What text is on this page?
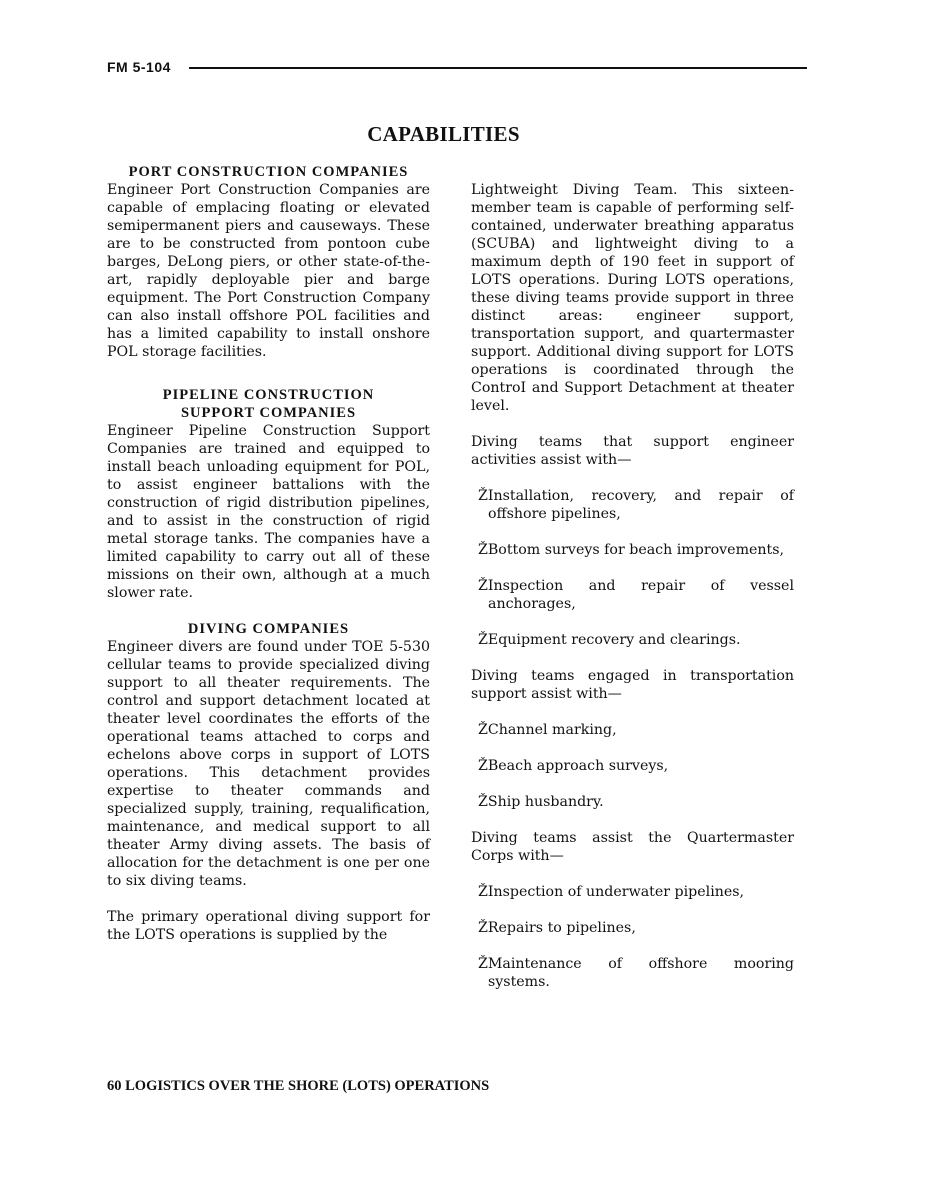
FM 5-104
CAPABILITIES
PORT CONSTRUCTION COMPANIES

Engineer Port Construction Companies are capable of emplacing floating or elevated semipermanent piers and causeways. These are to be constructed from pontoon cube barges, DeLong piers, or other state-of-the-art, rapidly deployable pier and barge equipment. The Port Construction Company can also install offshore POL facilities and has a limited capability to install onshore POL storage facilities.

PIPELINE CONSTRUCTION
SUPPORT COMPANIES

Engineer Pipeline Construction Support Companies are trained and equipped to install beach unloading equipment for POL, to assist engineer battalions with the construction of rigid distribution pipelines, and to assist in the construction of rigid metal storage tanks. The companies have a limited capability to carry out all of these missions on their own, although at a much slower rate.

DIVING COMPANIES

Engineer divers are found under TOE 5-530 cellular teams to provide specialized diving support to all theater requirements. The control and support detachment located at theater level coordinates the efforts of the operational teams attached to corps and echelons above corps in support of LOTS operations. This detachment provides expertise to theater commands and specialized supply, training, requalification, maintenance, and medical support to all theater Army diving assets. The basis of allocation for the detachment is one per one to six diving teams.

The primary operational diving support for the LOTS operations is supplied by the

Lightweight Diving Team. This sixteen-member team is capable of performing self-contained, underwater breathing apparatus (SCUBA) and lightweight diving to a maximum depth of 190 feet in support of LOTS operations. During LOTS operations, these diving teams provide support in three distinct areas: engineer support, transportation support, and quartermaster support. Additional diving support for LOTS operations is coordinated through the ControI and Support Detachment at theater level.

Diving teams that support engineer activities assist with—

ŽInstallation, recovery, and repair of offshore pipelines,

ŽBottom surveys for beach improvements,

ŽInspection and repair of vessel anchorages,

ŽEquipment recovery and clearings.

Diving teams engaged in transportation support assist with—

ŽChannel marking,

ŽBeach approach surveys,

ŽShip husbandry.

Diving teams assist the Quartermaster Corps with—

ŽInspection of underwater pipelines,

ŽRepairs to pipelines,

ŽMaintenance of offshore mooring systems.

60 LOGISTICS OVER THE SHORE (LOTS) OPERATIONS
